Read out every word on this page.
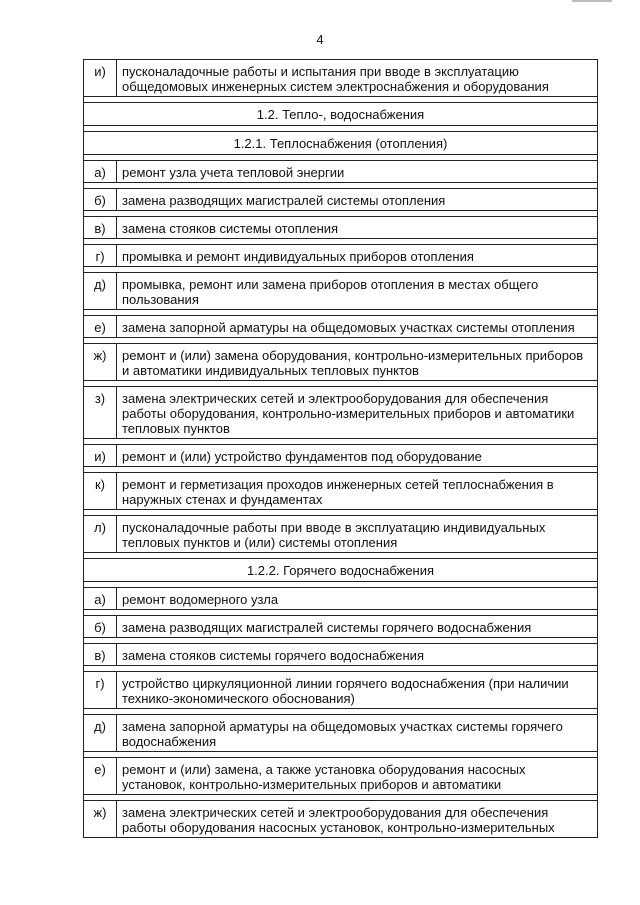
4
и)	пусконаладочные работы и испытания при вводе в эксплуатацию общедомовых инженерных систем электроснабжения и оборудования

1.2. Тепло-, водоснабжения	

1.2.1. Теплоснабжения (отопления)	

а)	ремонт узла учета тепловой энергии

б)	замена разводящих магистралей системы отопления

в)	замена стояков системы отопления

г)	промывка и ремонт индивидуальных приборов отопления

д)	промывка, ремонт или замена приборов отопления в местах общего пользования

е)	замена запорной арматуры на общедомовых участках системы отопления

ж)	ремонт и (или) замена оборудования, контрольно-измерительных приборов и автоматики индивидуальных тепловых пунктов

з)	замена электрических сетей и электрооборудования для обеспечения работы оборудования, контрольно-измерительных приборов и автоматики тепловых пунктов

и)	ремонт и (или) устройство фундаментов под оборудование

к)	ремонт и герметизация проходов инженерных сетей теплоснабжения в наружных стенах и фундаментах

л)	пусконаладочные работы при вводе в эксплуатацию индивидуальных тепловых пунктов и (или) системы отопления

1.2.2. Горячего водоснабжения	

а)	ремонт водомерного узла

б)	замена разводящих магистралей системы горячего водоснабжения

в)	замена стояков системы горячего водоснабжения

г)	устройство циркуляционной линии горячего водоснабжения (при наличии технико-экономического обоснования)

д)	замена запорной арматуры на общедомовых участках системы горячего водоснабжения

е)	ремонт и (или) замена, а также установка оборудования насосных установок, контрольно-измерительных приборов и автоматики

ж)	замена электрических сетей и электрооборудования для обеспечения работы оборудования насосных установок, контрольно-измерительных
